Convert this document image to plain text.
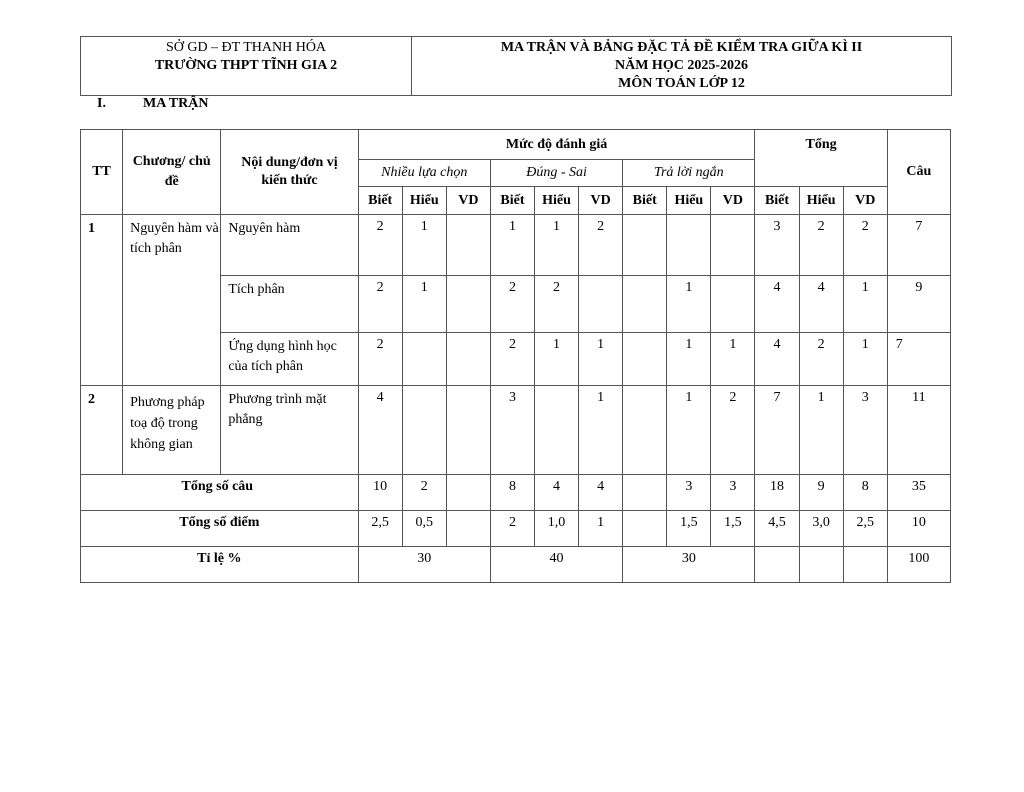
SỞ GD – ĐT THANH HÓA
TRƯỜNG THPT TĨNH GIA 2

MA TRẬN VÀ BẢNG ĐẶC TẢ ĐỀ KIỂM TRA GIỮA KÌ II
NĂM HỌC 2025-2026
MÔN TOÁN LỚP 12
I.	MA TRẬN
TT	Chương/ chủ đề	Nội dung/đơn vị kiến thức	Mức độ đánh giá									Tổng			Câu
			Nhiều lựa chọn			Đúng - Sai			Trả lời ngắn						
			Biết	Hiểu	VD	Biết	Hiểu	VD	Biết	Hiểu	VD	Biết	Hiểu	VD	
1	Nguyên hàm và tích phân	Nguyên hàm	2	1		1	1	2				3	2	2	7
		Tích phân	2	1		2	2			1		4	4	1	9
		Ứng dụng hình học của tích phân	2			2	1	1		1	1	4	2	1	7
2	Phương pháp toạ độ trong không gian	Phương trình mặt phẳng	4			3		1		1	2	7	1	3	11
Tổng số câu			10	2		8	4	4		3	3	18	9	8	35
Tổng số điểm			2,5	0,5		2	1,0	1		1,5	1,5	4,5	3,0	2,5	10
Tỉ lệ %			30			40			30						100
